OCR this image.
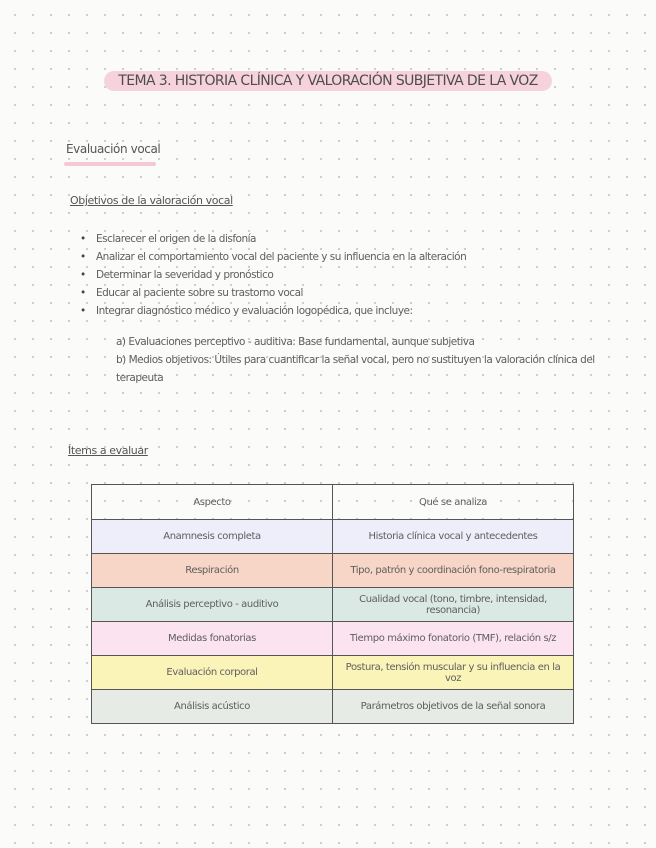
TEMA 3. HISTORIA CLÍNICA Y VALORACIÓN SUBJETIVA DE LA VOZ
Evaluación vocal
Objetivos de la valoración vocal
• Esclarecer el origen de la disfonía
• Analizar el comportamiento vocal del paciente y su influencia en la alteración
• Determinar la severidad y pronóstico
• Educar al paciente sobre su trastorno vocal
• Integrar diagnóstico médico y evaluación logopédica, que incluye:

a) Evaluaciones perceptivo - auditiva: Base fundamental, aunque subjetiva

b) Medios objetivos: Útiles para cuantificar la señal vocal, pero no sustituyen la valoración clínica del terapeuta

Ítems a evaluar
Aspecto	Qué se analiza
Anamnesis completa	Historia clínica vocal y antecedentes
Respiración	Tipo, patrón y coordinación fono-respiratoria
Análisis perceptivo - auditivo	Cualidad vocal (tono, timbre, intensidad, resonancia)
Medidas fonatorias	Tiempo máximo fonatorio (TMF), relación s/z
Evaluación corporal	Postura, tensión muscular y su influencia en la voz
Análisis acústico	Parámetros objetivos de la señal sonora
